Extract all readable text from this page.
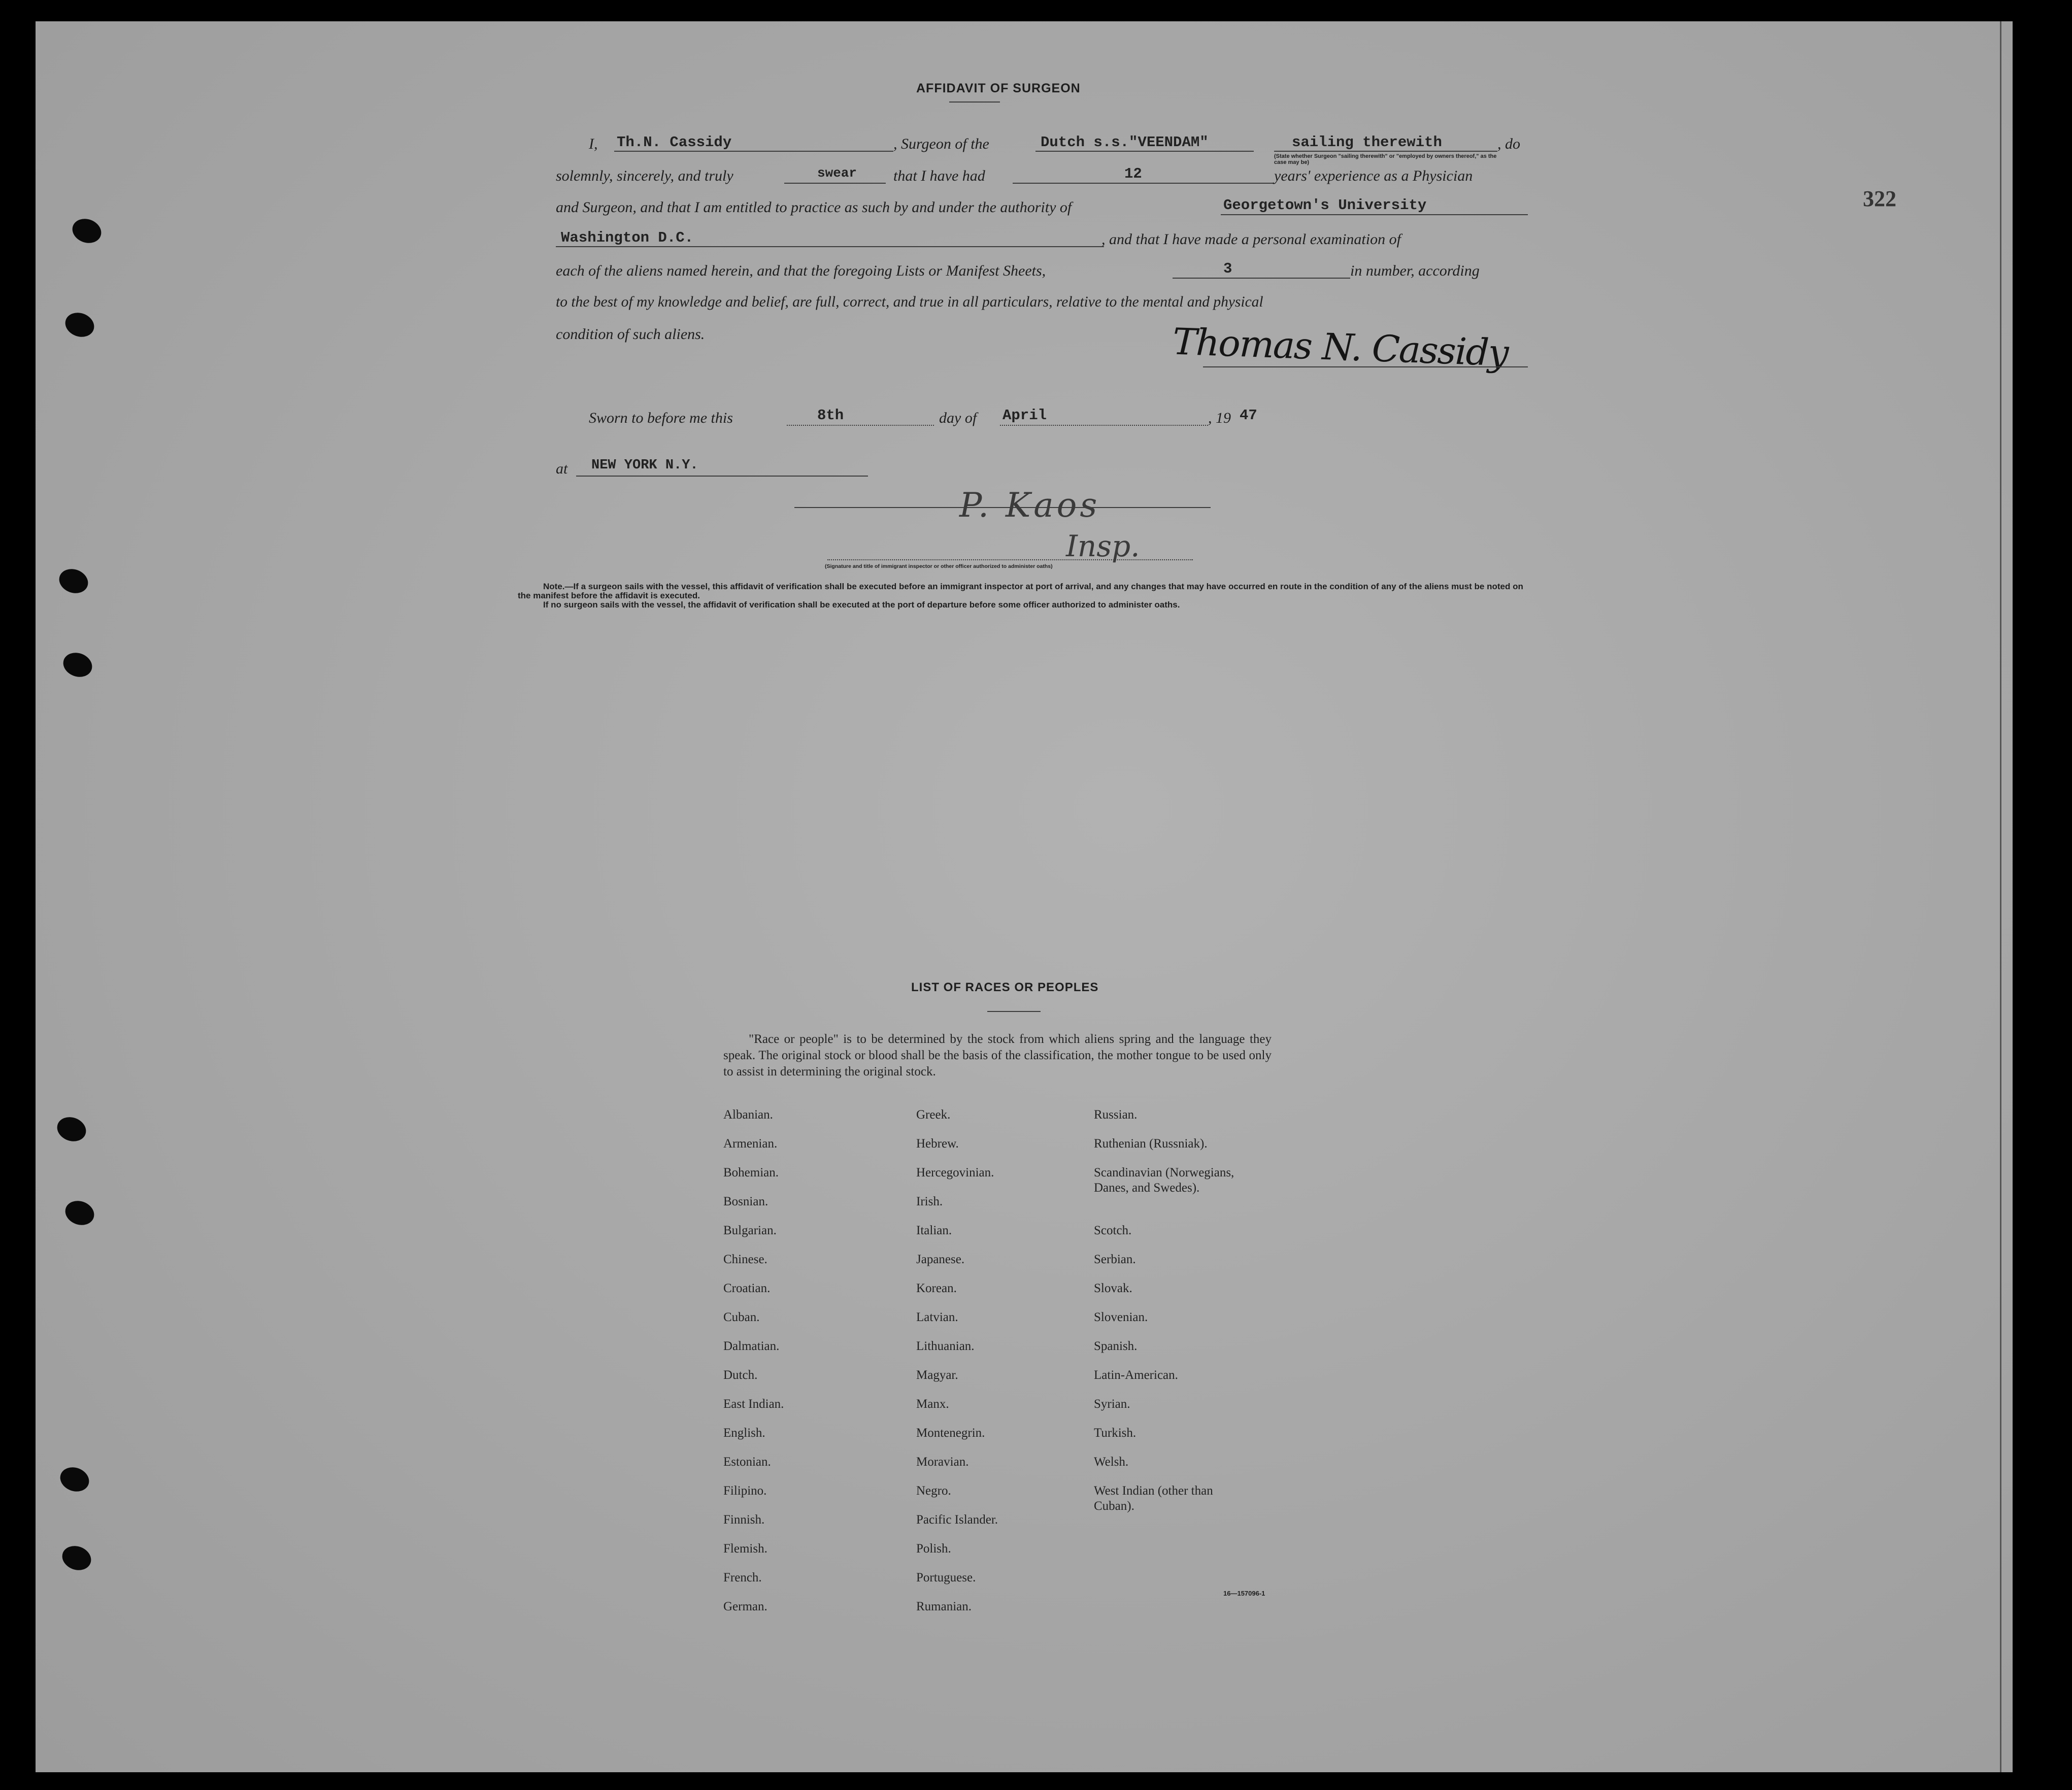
AFFIDAVIT OF SURGEON
I, Th.N. Cassidy	, Surgeon of the	Dutch s.s."VEENDAM"	sailing therewith	, do
(State whether Surgeon "sailing therewith" or "employed by owners thereof," as the case may be)
solemnly, sincerely, and truly	swear that I have had	12	years' experience as a Physician
and Surgeon, and that I am entitled to practice as such by and under the authority of	Georgetown's University
Washington D.C.	, and that I have made a personal examination of
each of the aliens named herein, and that the foregoing Lists or Manifest Sheets,	3	in number, according
to the best of my knowledge and belief, are full, correct, and true in all particulars, relative to the mental and physical
condition of such aliens.	Thomas N. Cassidy
Sworn to before me this	8th	day of April	, 19 47
at NEW YORK N.Y.
P. Kaos
Insp.
(Signature and title of immigrant inspector or other officer authorized to administer oaths)
Note.—If a surgeon sails with the vessel, this affidavit of verification shall be executed before an immigrant inspector at port of arrival, and any changes that may have occurred en route in the condition of any of the aliens must be noted on the manifest before the affidavit is executed.
If no surgeon sails with the vessel, the affidavit of verification shall be executed at the port of departure before some officer authorized to administer oaths.
322
LIST OF RACES OR PEOPLES
"Race or people" is to be determined by the stock from which aliens spring and the language they speak. The original stock or blood shall be the basis of the classification, the mother tongue to be used only to assist in determining the original stock.
Albanian.
Armenian.
Bohemian.
Bosnian.
Bulgarian.
Chinese.
Croatian.
Cuban.
Dalmatian.
Dutch.
East Indian.
English.
Estonian.
Filipino.
Finnish.
Flemish.
French.
German.
Greek.
Hebrew.
Hercegovinian.
Irish.
Italian.
Japanese.
Korean.
Latvian.
Lithuanian.
Magyar.
Manx.
Montenegrin.
Moravian.
Negro.
Pacific Islander.
Polish.
Portuguese.
Rumanian.
Russian.
Ruthenian (Russniak).
Scandinavian (Norwegians, Danes, and Swedes).
Scotch.
Serbian.
Slovak.
Slovenian.
Spanish.
Latin-American.
Syrian.
Turkish.
Welsh.
West Indian (other than Cuban).
16—157096-1
